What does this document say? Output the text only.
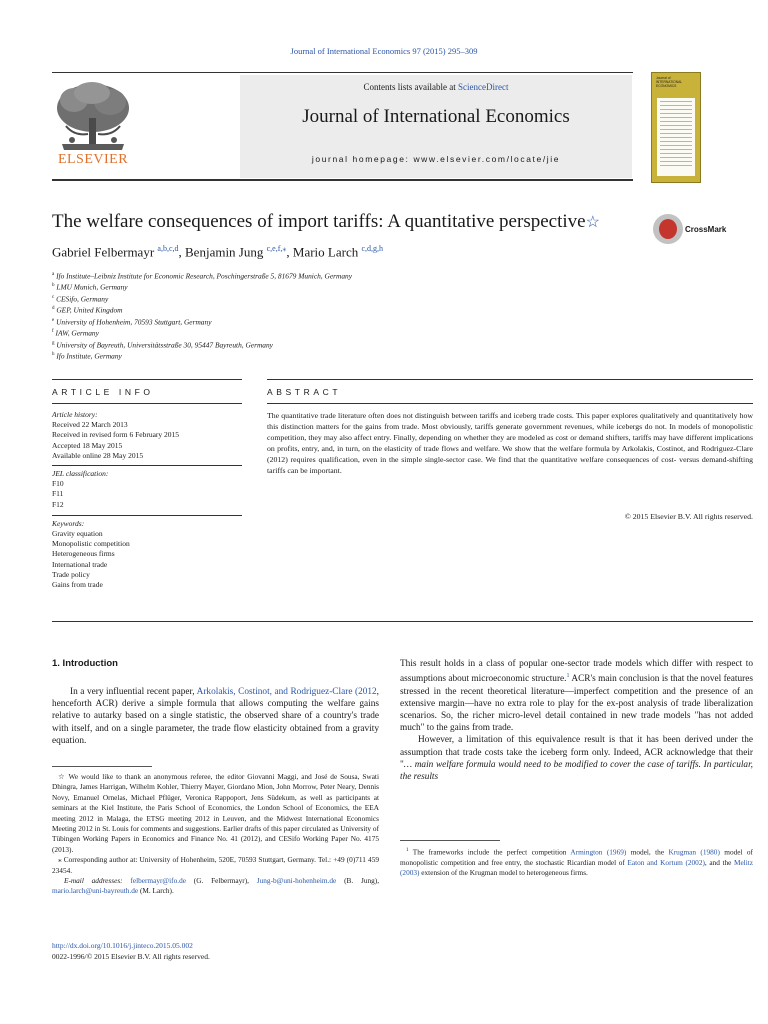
Journal of International Economics 97 (2015) 295–309
ELSEVIER
Contents lists available at ScienceDirect
Journal of International Economics
journal homepage: www.elsevier.com/locate/jie
Journal of INTERNATIONAL ECONOMICS
The welfare consequences of import tariffs: A quantitative perspective☆	CrossMark
Gabriel Felbermayr $^{a,b,c,d}$, Benjamin Jung $^{c,e,f,⁎}$, Mario Larch $^{c,d,g,h}$
$^a$ Ifo Institute–Leibniz Institute for Economic Research, Poschingerstraße 5, 81679 Munich, Germany
$^b$ LMU Munich, Germany
$^c$ CESifo, Germany
$^d$ GEP, United Kingdom
$^e$ University of Hohenheim, 70593 Stuttgart, Germany
$^f$ IAW, Germany
$^g$ University of Bayreuth, Universitätsstraße 30, 95447 Bayreuth, Germany
$^h$ Ifo Institute, Germany
ARTICLE INFO	ABSTRACT
Article history:
Received 22 March 2013
Received in revised form 6 February 2015
Accepted 18 May 2015
Available online 28 May 2015
JEL classification:
F10
F11
F12
Keywords:
Gravity equation
Monopolistic competition
Heterogeneous firms
International trade
Trade policy
Gains from trade
The quantitative trade literature often does not distinguish between tariffs and iceberg trade costs. This paper explores qualitatively and quantitatively how this distinction matters for the gains from trade. Most obviously, tariffs generate government revenues, while icebergs do not. In models of monopolistic competition, they may also affect entry. Finally, depending on whether they are modeled as cost or demand shifters, tariffs may have different implications on profits, entry, and, in turn, on the elasticity of trade flows and welfare. We show that the welfare formula by Arkolakis, Costinot, and Rodriguez-Clare (2012) requires qualification, even in the simple single-sector case. We find that the quantitative welfare consequences of cost- versus demand-shifting tariffs can be important.
© 2015 Elsevier B.V. All rights reserved.
1. Introduction
In a very influential recent paper, Arkolakis, Costinot, and Rodriguez-Clare (2012, henceforth ACR) derive a simple formula that allows computing the welfare gains relative to autarky based on a single statistic, the observed share of a country's trade with itself, and on a single parameter, the trade flow elasticity obtained from a gravity equation.
This result holds in a class of popular one-sector trade models which differ with respect to assumptions about microeconomic structure.$^1$ ACR's main conclusion is that the novel features stressed in the recent theoretical literature—imperfect competition and the presence of an extensive margin—have no extra role to play for the ex-post analysis of trade liberalization scenarios. So, the richer micro-level detail contained in new trade models "has not added much" to the gains from trade.
However, a limitation of this equivalence result is that it has been derived under the assumption that trade costs take the iceberg form only. Indeed, ACR acknowledge that their "… main welfare formula would need to be modified to cover the case of tariffs. In particular, the results
☆ We would like to thank an anonymous referee, the editor Giovanni Maggi, and José de Sousa, Swati Dhingra, James Harrigan, Wilhelm Kohler, Thierry Mayer, Giordano Mion, John Morrow, Peter Neary, Dennis Novy, Emanuel Ornelas, Michael Pflüger, Veronica Rappoport, Jens Südekum, as well as participants at seminars at the Kiel Institute, the Paris School of Economics, the London School of Economics, the EEA meeting 2012 in Malaga, the ETSG meeting 2012 in Leuven, and the Midwest International Economics Meeting 2012 in St. Louis for comments and suggestions. Earlier drafts of this paper circulated as University of Tübingen Working Papers in Economics and Finance No. 41 (2012), and CESifo Working Paper No. 4175 (2013).
⁎ Corresponding author at: University of Hohenheim, 520E, 70593 Stuttgart, Germany. Tel.: +49 (0)711 459 23454.
E-mail addresses: felbermayr@ifo.de (G. Felbermayr), Jung-b@uni-hohenheim.de (B. Jung), mario.larch@uni-bayreuth.de (M. Larch).
$^1$ The frameworks include the perfect competition Armington (1969) model, the Krugman (1980) model of monopolistic competition and free entry, the stochastic Ricardian model of Eaton and Kortum (2002), and the Melitz (2003) extension of the Krugman model to heterogeneous firms.
http://dx.doi.org/10.1016/j.jinteco.2015.05.002
0022-1996/© 2015 Elsevier B.V. All rights reserved.
